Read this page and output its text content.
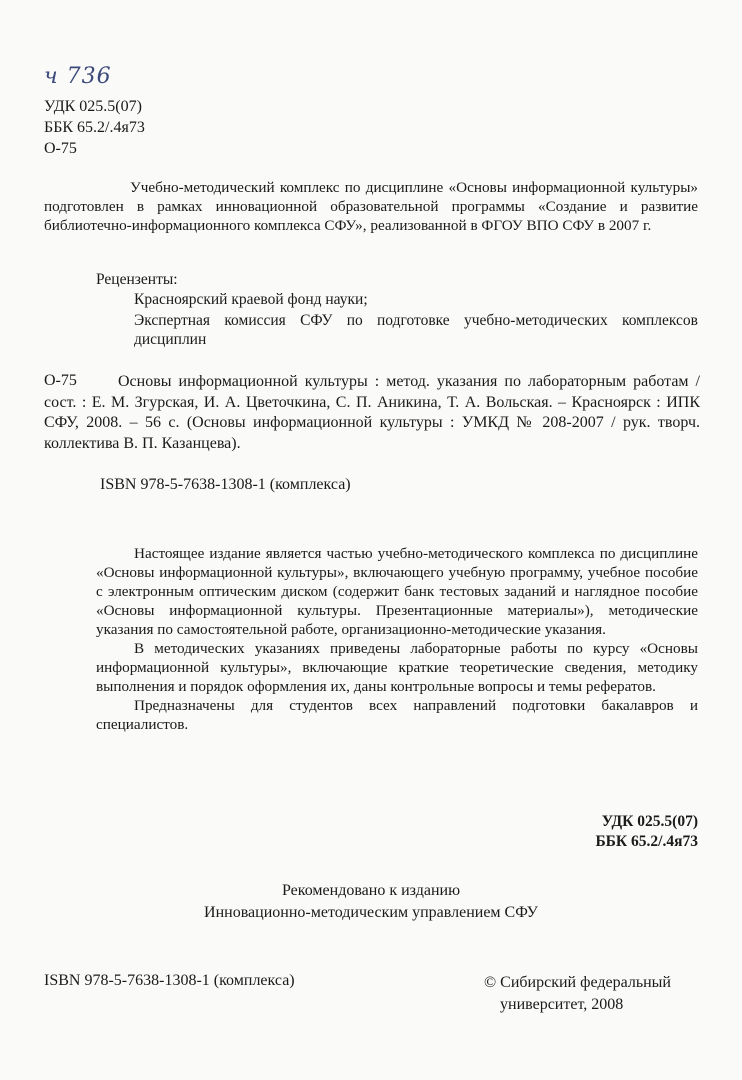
ч 736
УДК 025.5(07)
ББК 65.2/.4я73
О-75

Учебно-методический комплекс по дисциплине «Основы информационной культуры» подготовлен в рамках инновационной образовательной программы «Создание и развитие библиотечно-информационного комплекса СФУ», реализованной в ФГОУ ВПО СФУ в 2007 г.

Рецензенты:
Красноярский краевой фонд науки;
Экспертная комиссия СФУ по подготовке учебно-методических комплексов дисциплин
О-75	Основы информационной культуры : метод. указания по лабораторным работам / сост. : Е. М. Згурская, И. А. Цветочкина, С. П. Аникина, Т. А. Вольская. – Красноярск : ИПК СФУ, 2008. – 56 с. (Основы информационной культуры : УМКД № 208-2007 / рук. творч. коллектива В. П. Казанцева).
ISBN 978-5-7638-1308-1 (комплекса)

Настоящее издание является частью учебно-методического комплекса по дисциплине «Основы информационной культуры», включающего учебную программу, учебное пособие с электронным оптическим диском (содержит банк тестовых заданий и наглядное пособие «Основы информационной культуры. Презентационные материалы»), методические указания по самостоятельной работе, организационно-методические указания.

В методических указаниях приведены лабораторные работы по курсу «Основы информационной культуры», включающие краткие теоретические сведения, методику выполнения и порядок оформления их, даны контрольные вопросы и темы рефератов.

Предназначены для студентов всех направлений подготовки бакалавров и специалистов.

УДК 025.5(07)
ББК 65.2/.4я73
Рекомендовано к изданию
Инновационно-методическим управлением СФУ
ISBN 978-5-7638-1308-1 (комплекса)	© Сибирский федеральный
университет, 2008
